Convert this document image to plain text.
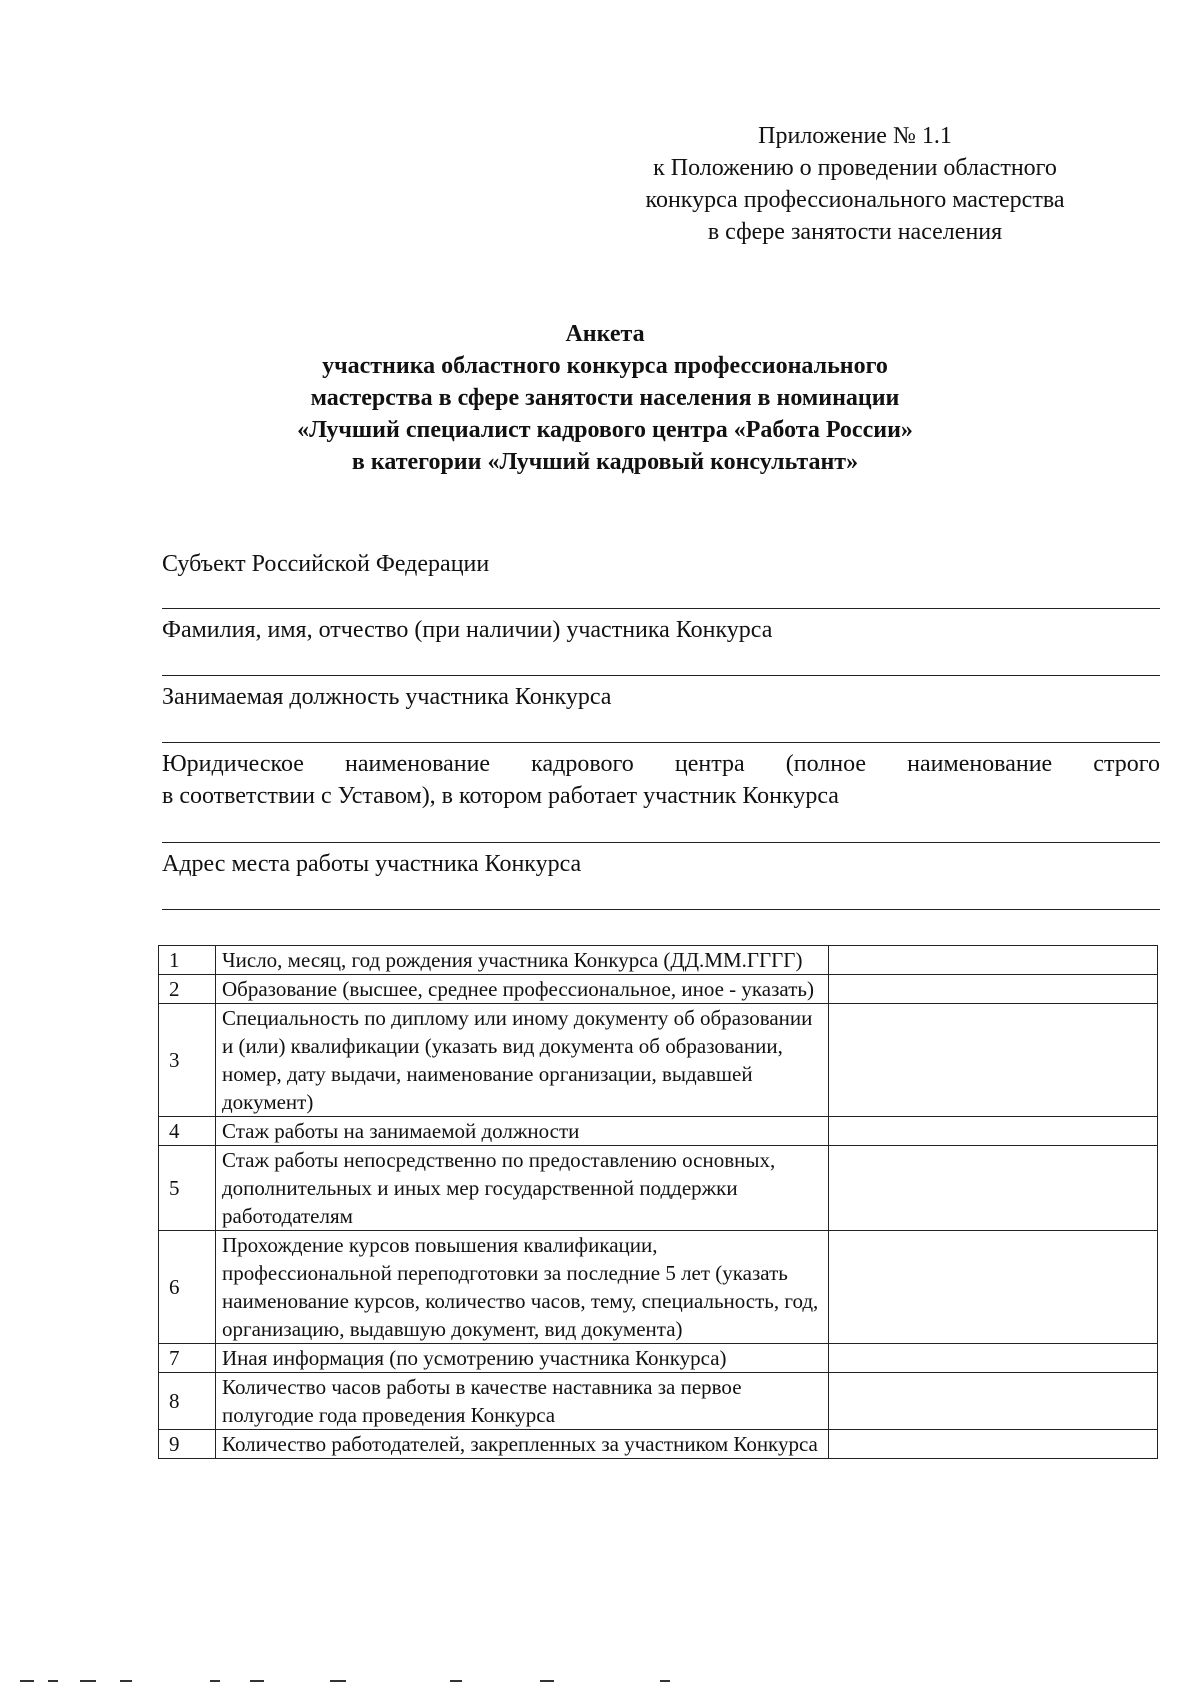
Приложение № 1.1
к Положению о проведении областного
конкурса профессионального мастерства
в сфере занятости населения
Анкета
участника областного конкурса профессионального
мастерства в сфере занятости населения в номинации
«Лучший специалист кадрового центра «Работа России»
в категории «Лучший кадровый консультант»
Субъект Российской Федерации
Фамилия, имя, отчество (при наличии) участника Конкурса
Занимаемая должность участника Конкурса
Юридическое наименование кадрового центра (полное наименование строго
в соответствии с Уставом), в котором работает участник Конкурса
Адрес места работы участника Конкурса
1	Число, месяц, год рождения участника Конкурса (ДД.ММ.ГГГГ)	
2	Образование (высшее, среднее профессиональное, иное - указать)	
3	Специальность по диплому или иному документу об образовании и (или) квалификации (указать вид документа об образовании, номер, дату выдачи, наименование организации, выдавшей документ)	
4	Стаж работы на занимаемой должности	
5	Стаж работы непосредственно по предоставлению основных, дополнительных и иных мер государственной поддержки работодателям	
6	Прохождение курсов повышения квалификации, профессиональной переподготовки за последние 5 лет (указать наименование курсов, количество часов, тему, специальность, год, организацию, выдавшую документ, вид документа)	
7	Иная информация (по усмотрению участника Конкурса)	
8	Количество часов работы в качестве наставника за первое полугодие года проведения Конкурса	
9	Количество работодателей, закрепленных за участником Конкурса	
